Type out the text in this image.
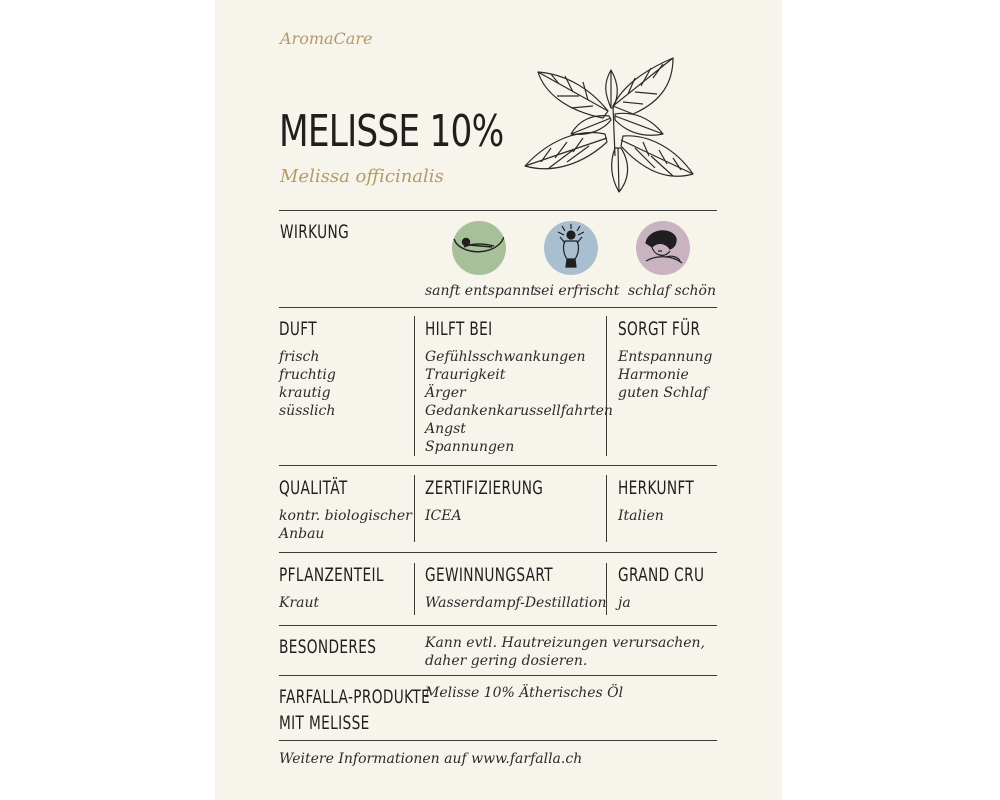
AromaCare
MELISSE 10%
Melissa officinalis
WIRKUNG
sanft entspannt
sei erfrischt schlaf schön
DUFT
frisch
fruchtig
krautig
süsslich
HILFT BEI
Gefühlsschwankungen
Traurigkeit
Ärger
Gedankenkarussellfahrten
Angst
Spannungen
SORGT FÜR
Entspannung
Harmonie
guten Schlaf
QUALITÄT
kontr. biologischer
Anbau
ZERTIFIZIERUNG
ICEA
HERKUNFT
Italien
PFLANZENTEIL
Kraut
GEWINNUNGSART
Wasserdampf-Destillation
GRAND CRU
ja
BESONDERES	Kann evtl. Hautreizungen verursachen,
daher gering dosieren.
FARFALLA-PRODUKTE
MIT MELISSE
Melisse 10% Ätherisches Öl
Weitere Informationen auf www.farfalla.ch
